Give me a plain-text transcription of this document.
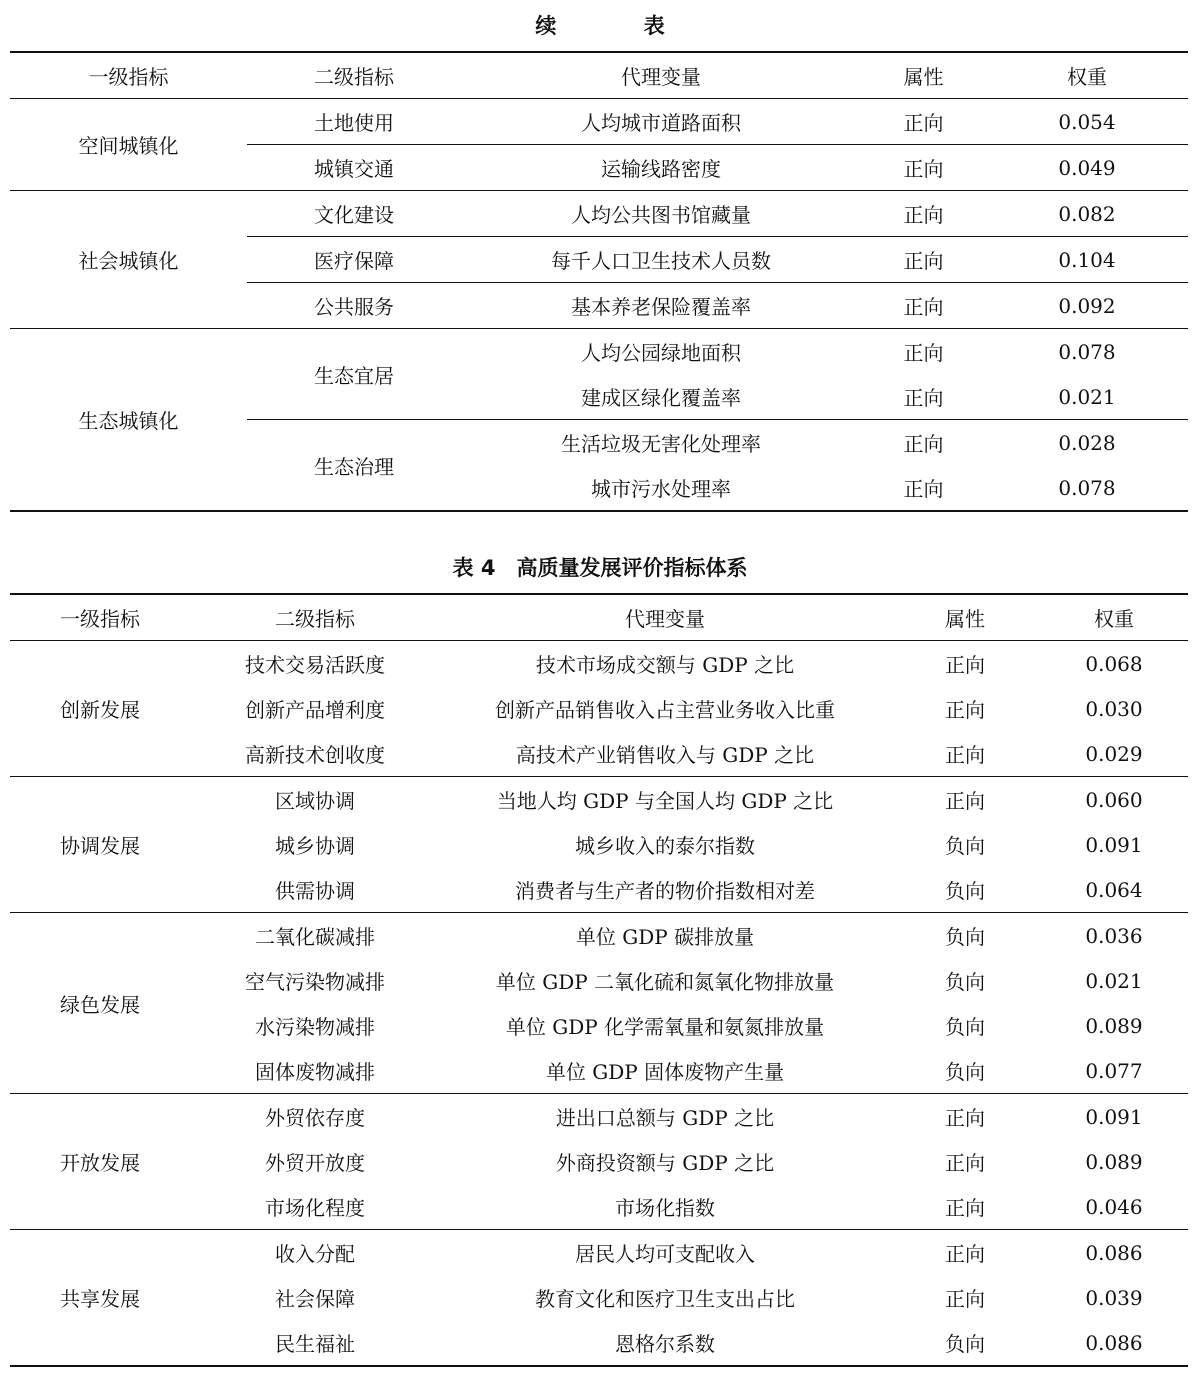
续 表
一级指标	二级指标	代理变量	属性	权重
空间城镇化	土地使用	人均城市道路面积	正向	0.054
	城镇交通	运输线路密度	正向	0.049
社会城镇化	文化建设	人均公共图书馆藏量	正向	0.082
	医疗保障	每千人口卫生技术人员数	正向	0.104
	公共服务	基本养老保险覆盖率	正向	0.092
生态城镇化	生态宜居	人均公园绿地面积	正向	0.078
		建成区绿化覆盖率	正向	0.021
	生态治理	生活垃圾无害化处理率	正向	0.028
		城市污水处理率	正向	0.078
表 4　高质量发展评价指标体系
一级指标	二级指标	代理变量	属性	权重
创新发展	技术交易活跃度	技术市场成交额与 GDP 之比	正向	0.068
	创新产品增利度	创新产品销售收入占主营业务收入比重	正向	0.030
	高新技术创收度	高技术产业销售收入与 GDP 之比	正向	0.029
协调发展	区域协调	当地人均 GDP 与全国人均 GDP 之比	正向	0.060
	城乡协调	城乡收入的泰尔指数	负向	0.091
	供需协调	消费者与生产者的物价指数相对差	负向	0.064
绿色发展	二氧化碳减排	单位 GDP 碳排放量	负向	0.036
	空气污染物减排	单位 GDP 二氧化硫和氮氧化物排放量	负向	0.021
	水污染物减排	单位 GDP 化学需氧量和氨氮排放量	负向	0.089
	固体废物减排	单位 GDP 固体废物产生量	负向	0.077
开放发展	外贸依存度	进出口总额与 GDP 之比	正向	0.091
	外贸开放度	外商投资额与 GDP 之比	正向	0.089
	市场化程度	市场化指数	正向	0.046
共享发展	收入分配	居民人均可支配收入	正向	0.086
	社会保障	教育文化和医疗卫生支出占比	正向	0.039
	民生福祉	恩格尔系数	负向	0.086
